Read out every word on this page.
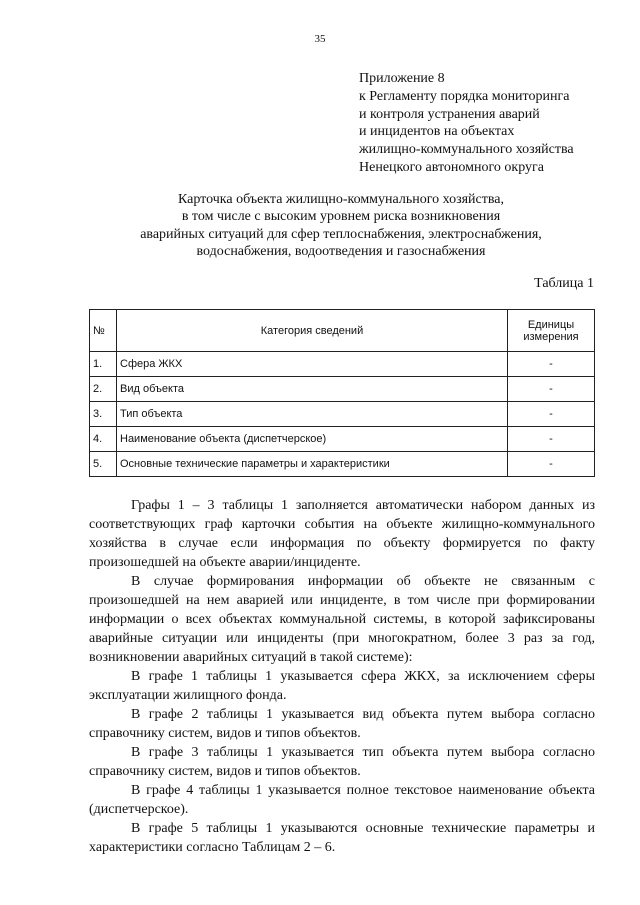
35
Приложение 8
к Регламенту порядка мониторинга
и контроля устранения аварий
и инцидентов на объектах
жилищно-коммунального хозяйства
Ненецкого автономного округа
Карточка объекта жилищно-коммунального хозяйства,
в том числе с высоким уровнем риска возникновения
аварийных ситуаций для сфер теплоснабжения, электроснабжения,
водоснабжения, водоотведения и газоснабжения
Таблица 1
№	Категория сведений	Единицы измерения
1.	Сфера ЖКХ	-
2.	Вид объекта	-
3.	Тип объекта	-
4.	Наименование объекта (диспетчерское)	-
5.	Основные технические параметры и характеристики	-

Графы 1 – 3 таблицы 1 заполняется автоматически набором данных из соответствующих граф карточки события на объекте жилищно-коммунального хозяйства в случае если информация по объекту формируется по факту произошедшей на объекте аварии/инциденте.

В случае формирования информации об объекте не связанным с произошедшей на нем аварией или инциденте, в том числе при формировании информации о всех объектах коммунальной системы, в которой зафиксированы аварийные ситуации или инциденты (при многократном, более 3 раз за год, возникновении аварийных ситуаций в такой системе):

В графе 1 таблицы 1 указывается сфера ЖКХ, за исключением сферы эксплуатации жилищного фонда.

В графе 2 таблицы 1 указывается вид объекта путем выбора согласно справочнику систем, видов и типов объектов.

В графе 3 таблицы 1 указывается тип объекта путем выбора согласно справочнику систем, видов и типов объектов.

В графе 4 таблицы 1 указывается полное текстовое наименование объекта (диспетчерское).

В графе 5 таблицы 1 указываются основные технические параметры и характеристики согласно Таблицам 2 – 6.
